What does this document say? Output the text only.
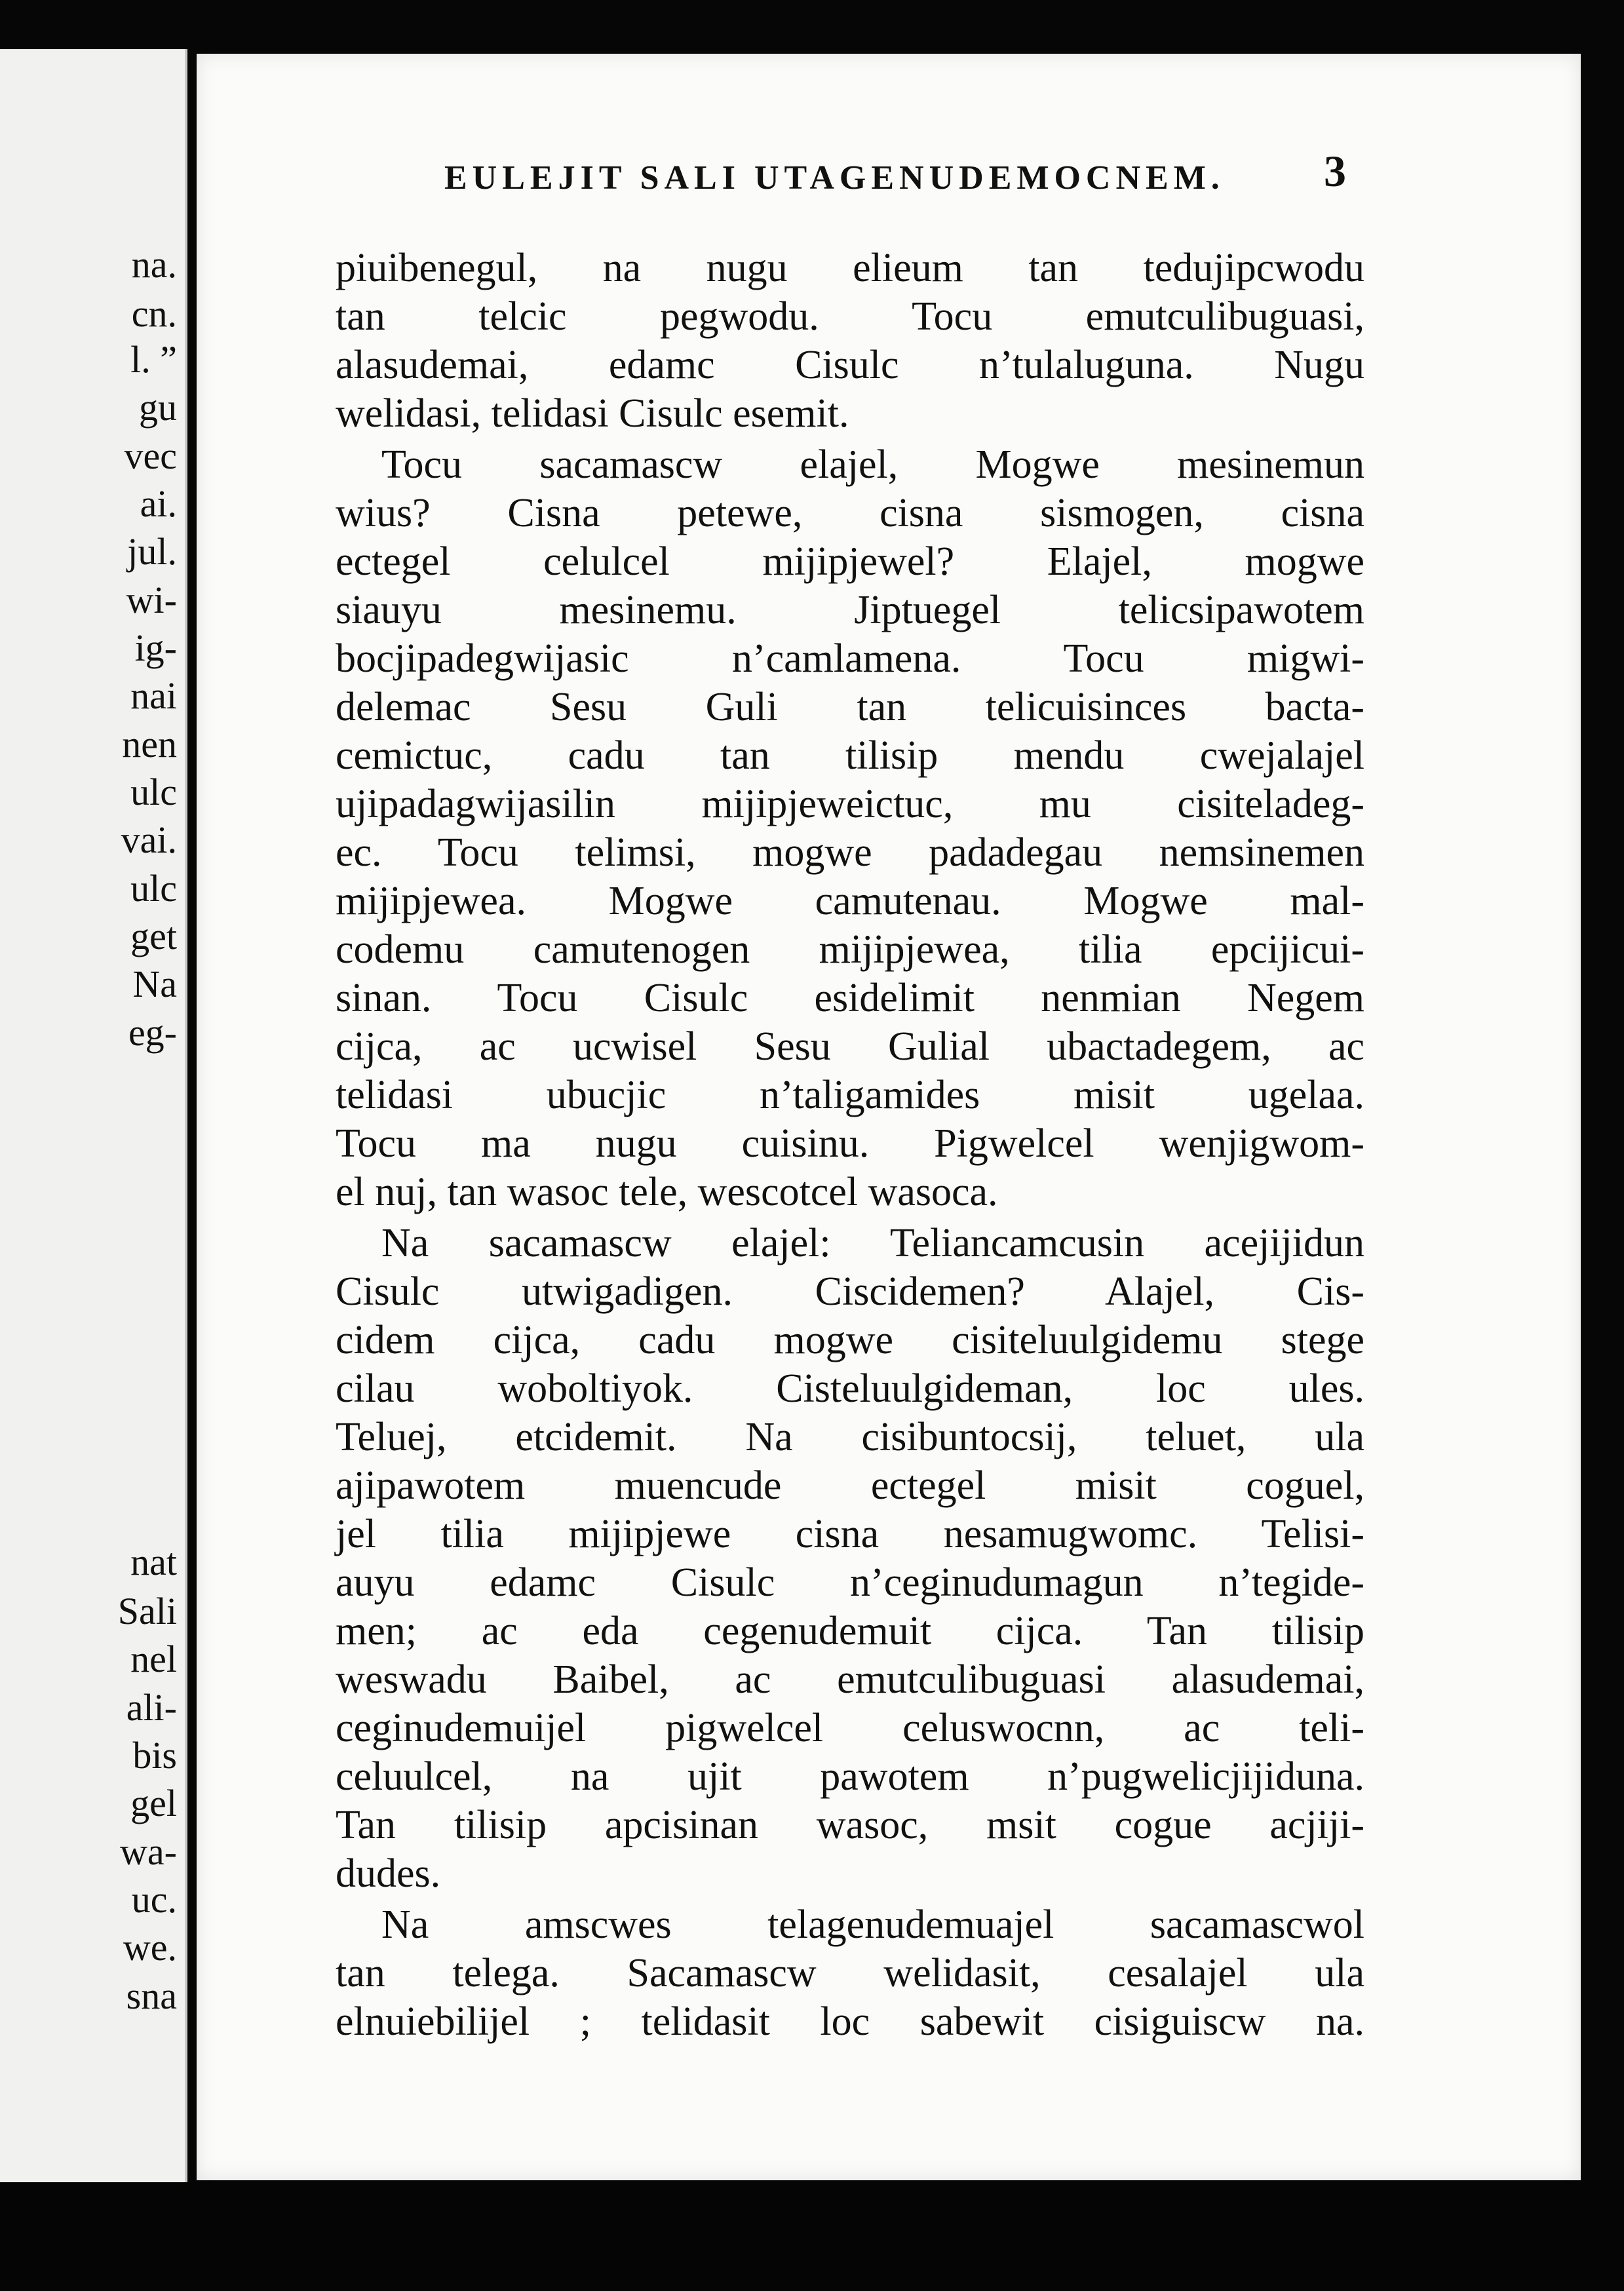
na.
cn.
l. ”
gu
vec
ai.
jul.
wi-
ig-
nai
nen
ulc
vai.
ulc
get
Na
eg-
nat
Sali
nel
ali-
bis
gel
wa-
uc.
we.
sna
EULEJIT SALI UTAGENUDEMOCNEM. 3
piuibenegul, na nugu elieum tan tedujipcwodu
tan telcic pegwodu. Tocu emutculibuguasi,
alasudemai, edamc Cisulc n’tulaluguna. Nugu
welidasi, telidasi Cisulc esemit.
Tocu sacamascw elajel, Mogwe mesinemun
wius? Cisna petewe, cisna sismogen, cisna
ectegel celulcel mijipjewel? Elajel, mogwe
siauyu mesinemu. Jiptuegel telicsipawotem
bocjipadegwijasic n’camlamena. Tocu migwi-
delemac Sesu Guli tan telicuisinces bacta-
cemictuc, cadu tan tilisip mendu cwejalajel
ujipadagwijasilin mijipjeweictuc, mu cisiteladeg-
ec. Tocu telimsi, mogwe padadegau nemsinemen
mijipjewea. Mogwe camutenau. Mogwe mal-
codemu camutenogen mijipjewea, tilia epcijicui-
sinan. Tocu Cisulc esidelimit nenmian Negem
cijca, ac ucwisel Sesu Gulial ubactadegem, ac
telidasi ubucjic n’taligamides misit ugelaa.
Tocu ma nugu cuisinu. Pigwelcel wenjigwom-
el nuj, tan wasoc tele, wescotcel wasoca.
Na sacamascw elajel: Teliancamcusin acejijidun
Cisulc utwigadigen. Ciscidemen? Alajel, Cis-
cidem cijca, cadu mogwe cisiteluulgidemu stege
cilau woboltiyok. Cisteluulgideman, loc ules.
Teluej, etcidemit. Na cisibuntocsij, teluet, ula
ajipawotem muencude ectegel misit coguel,
jel tilia mijipjewe cisna nesamugwomc. Telisi-
auyu edamc Cisulc n’ceginudumagun n’tegide-
men; ac eda cegenudemuit cijca. Tan tilisip
weswadu Baibel, ac emutculibuguasi alasudemai,
ceginudemuijel pigwelcel celuswocnn, ac teli-
celuulcel, na ujit pawotem n’pugwelicjijiduna.
Tan tilisip apcisinan wasoc, msit cogue acjiji-
dudes.
Na amscwes telagenudemuajel sacamascwol
tan telega. Sacamascw welidasit, cesalajel ula
elnuiebilijel ; telidasit loc sabewit cisiguiscw na.
